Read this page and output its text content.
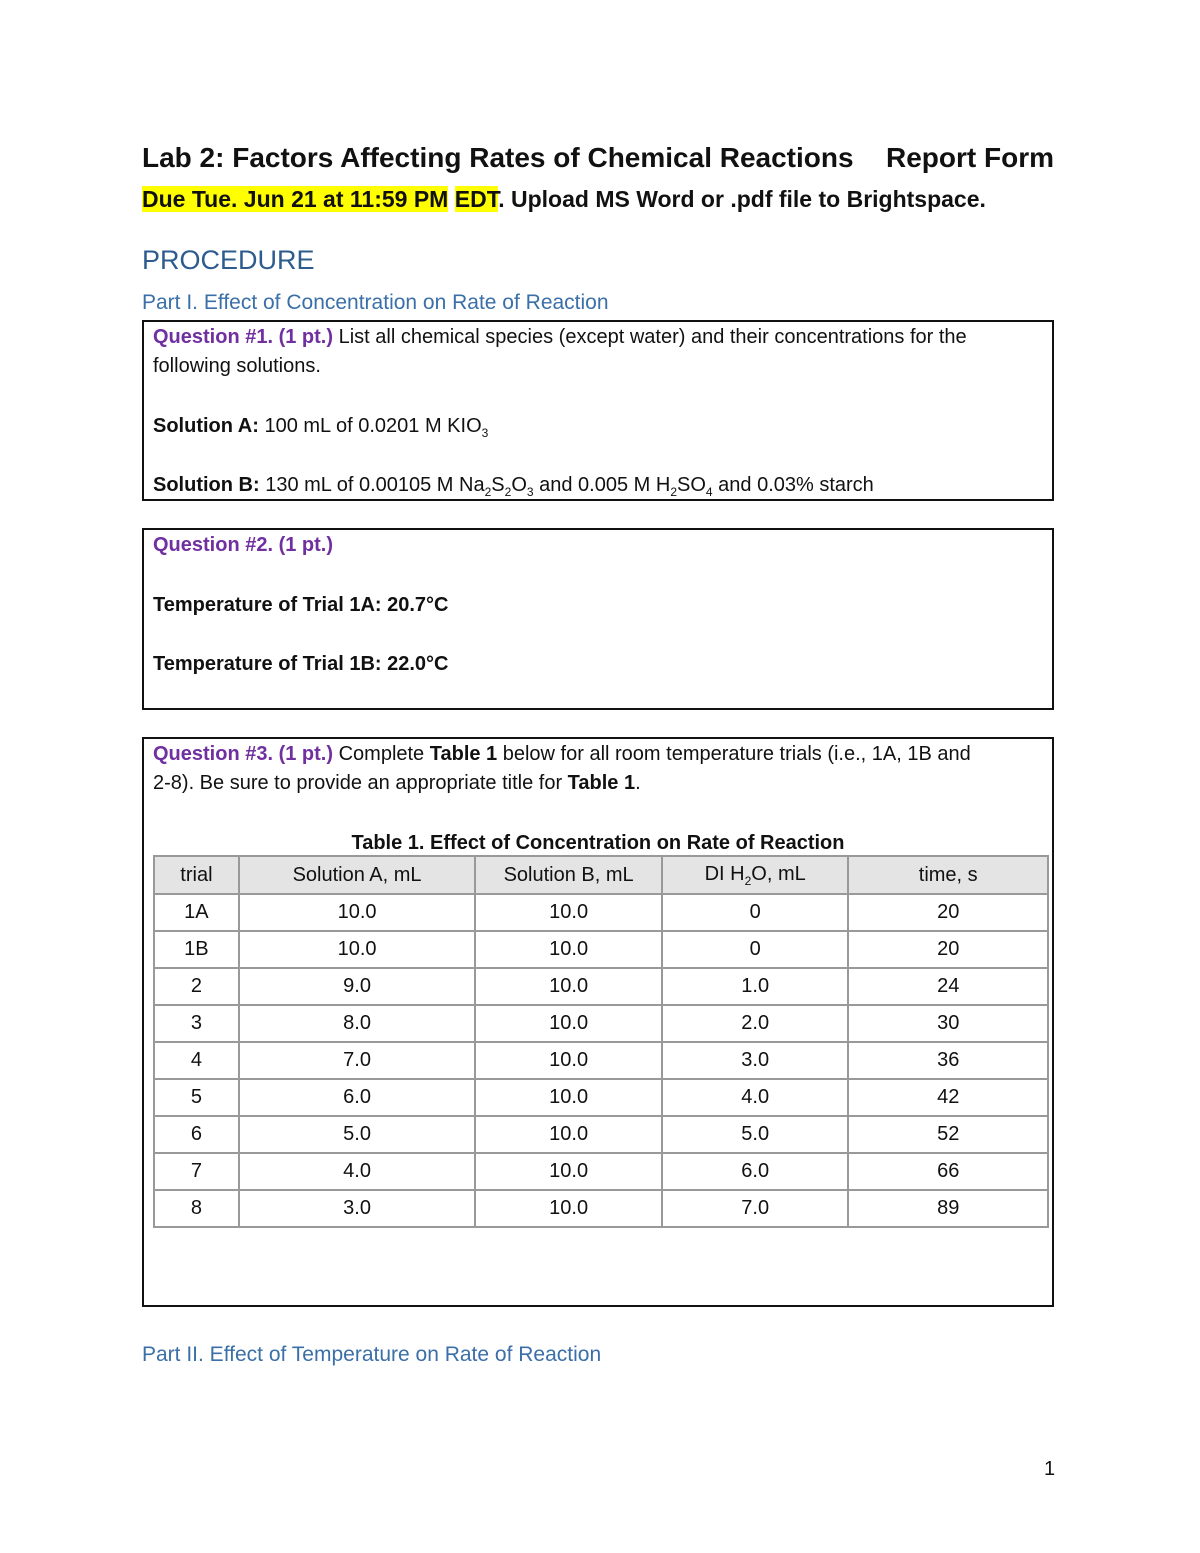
Lab 2: Factors Affecting Rates of Chemical Reactions Report Form
Due Tue. Jun 21 at 11:59 PM EDT. Upload MS Word or .pdf file to Brightspace.
PROCEDURE
Part I. Effect of Concentration on Rate of Reaction
Question #1. (1 pt.) List all chemical species (except water) and their concentrations for the
following solutions.
Solution A: 100 mL of 0.0201 M $KIO_3$
Solution B: 130 mL of 0.00105 M $Na_2S_2O_3$ and 0.005 M $H_2SO_4$ and 0.03% starch
Question #2. (1 pt.)
Temperature of Trial 1A: 20.7°C
Temperature of Trial 1B: 22.0°C
Question #3. (1 pt.) Complete Table 1 below for all room temperature trials (i.e., 1A, 1B and
2-8). Be sure to provide an appropriate title for Table 1.
Table 1. Effect of Concentration on Rate of Reaction
trial	Solution A, mL	Solution B, mL	DI $H_2O$, mL	time, s
1A	10.0	10.0	0	20
1B	10.0	10.0	0	20
2	9.0	10.0	1.0	24
3	8.0	10.0	2.0	30
4	7.0	10.0	3.0	36
5	6.0	10.0	4.0	42
6	5.0	10.0	5.0	52
7	4.0	10.0	6.0	66
8	3.0	10.0	7.0	89
Part II. Effect of Temperature on Rate of Reaction
1
